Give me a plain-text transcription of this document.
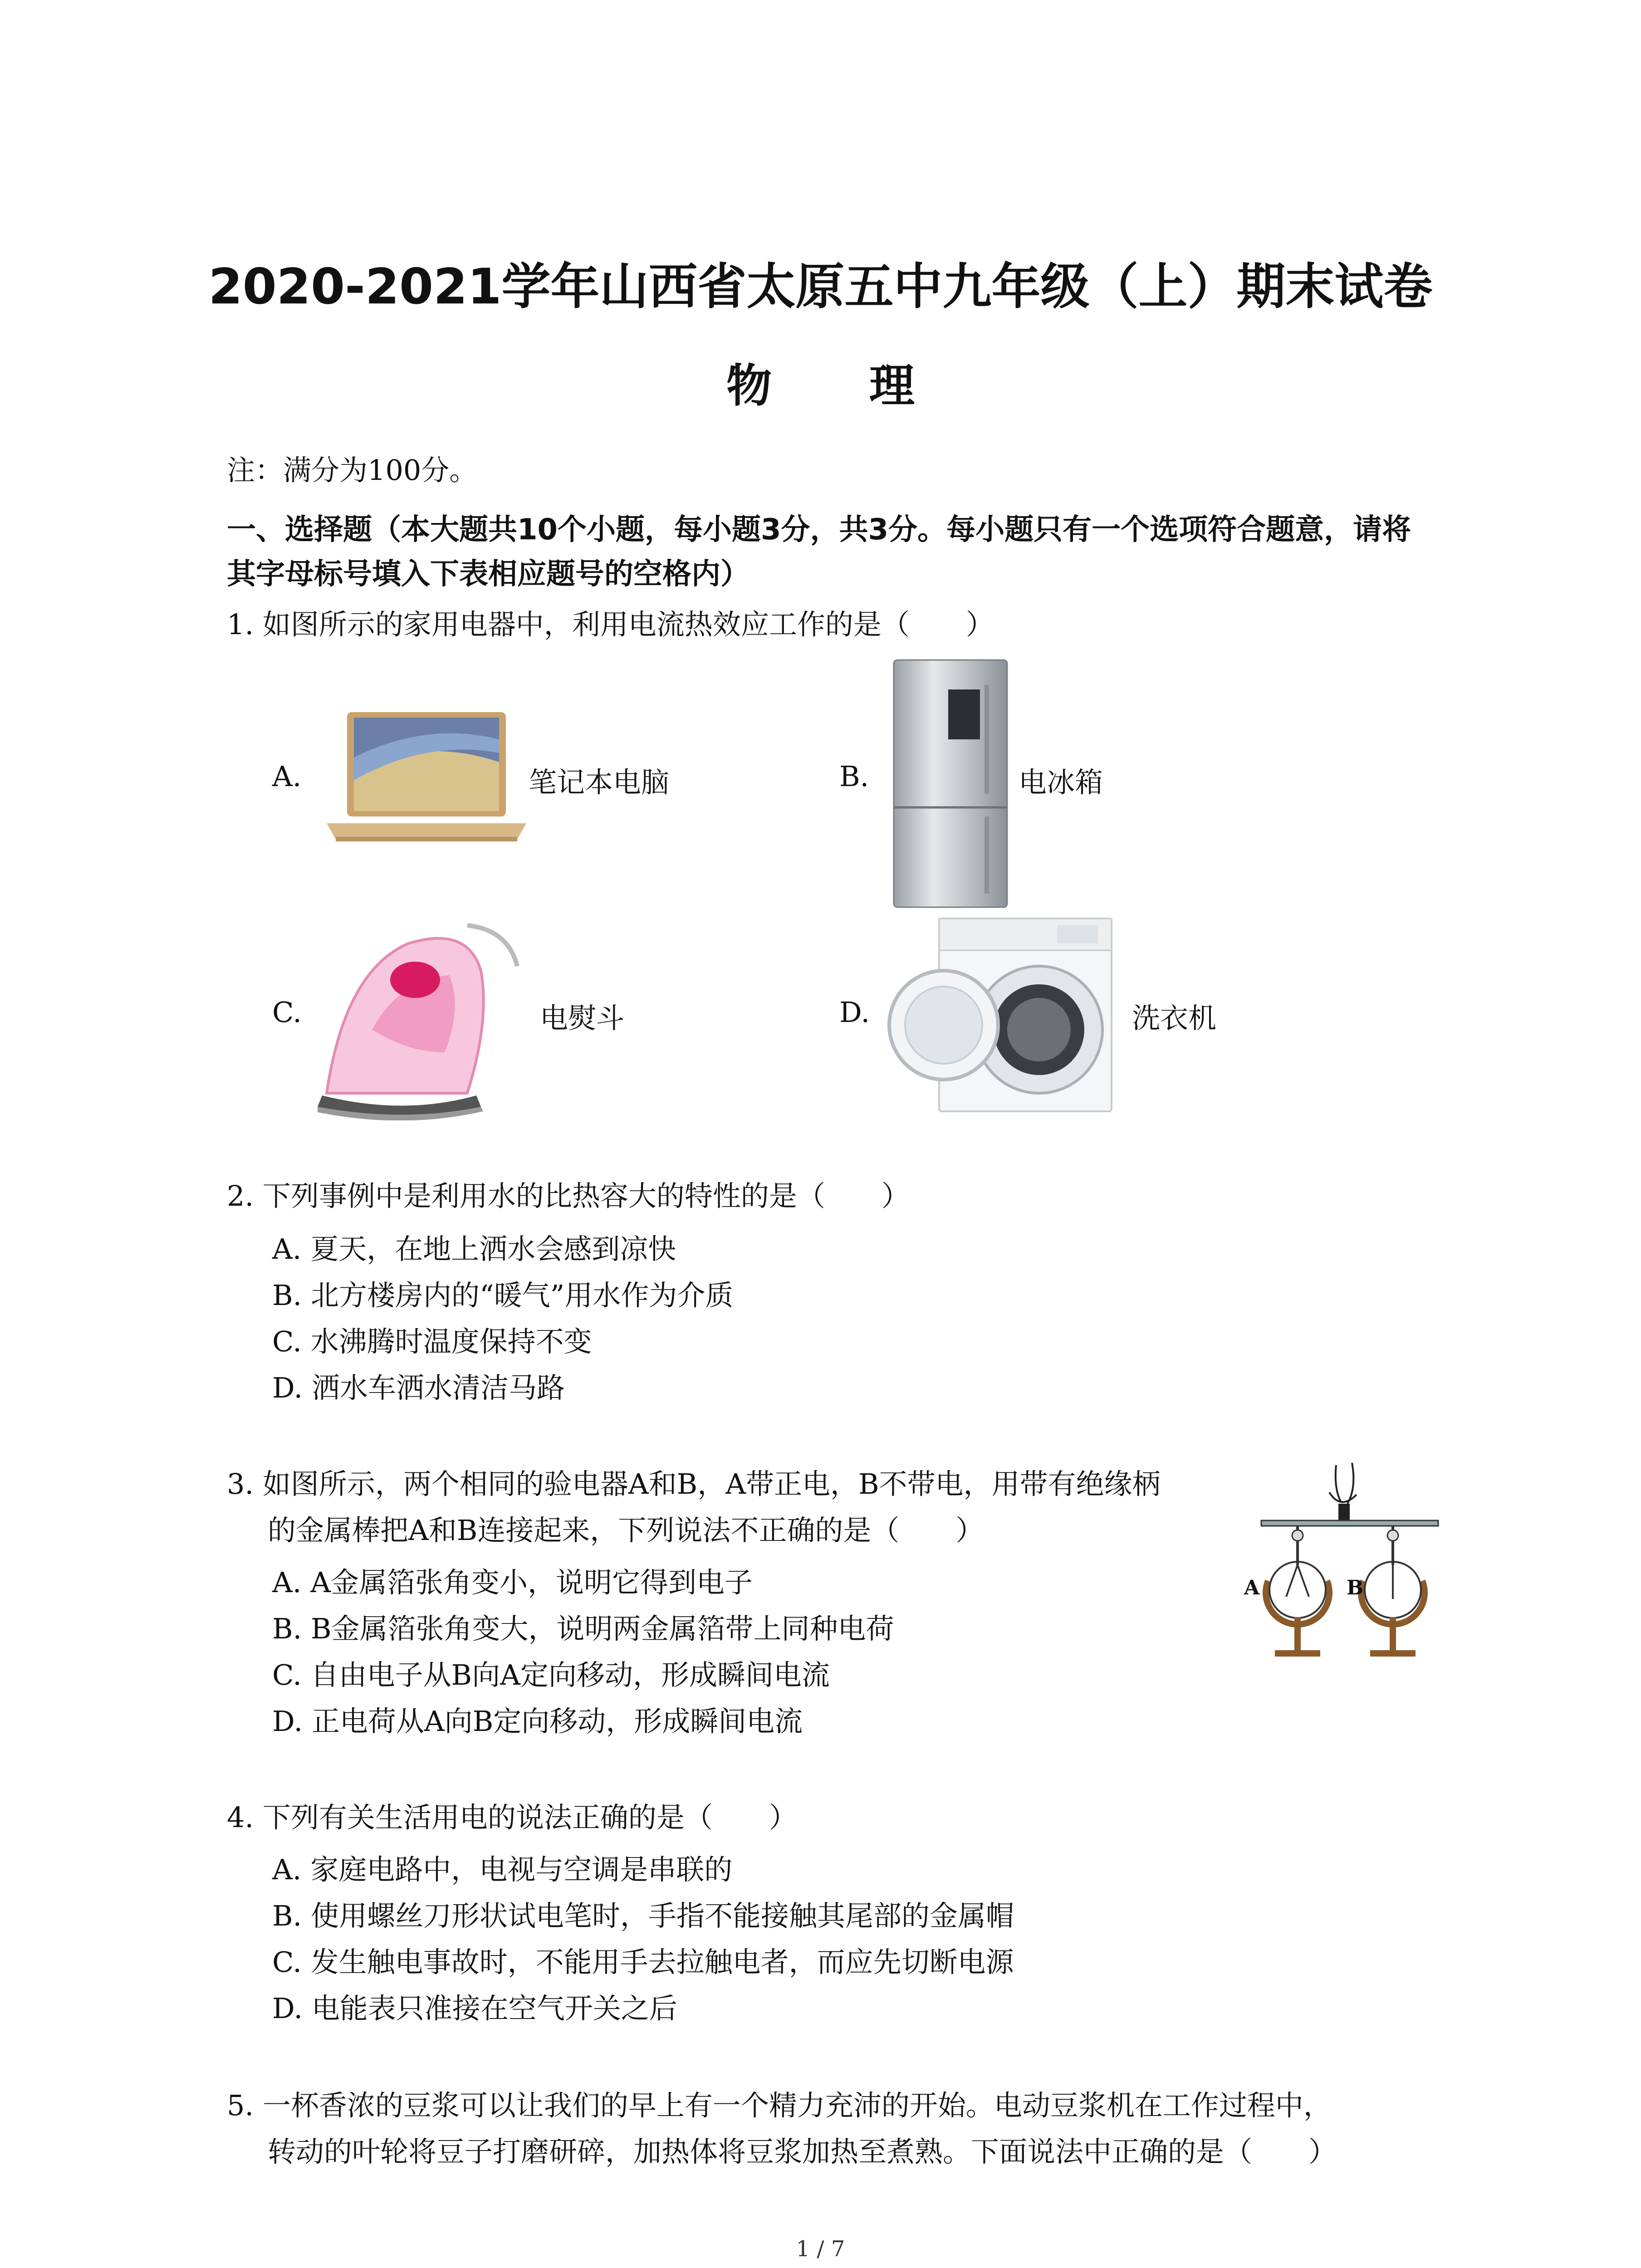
2020-2021学年山西省太原五中九年级（上）期末试卷
物 理
注：满分为100分。
一、选择题（本大题共10个小题，每小题3分，共3分。每小题只有一个选项符合题意，请将
其字母标号填入下表相应题号的空格内）
1. 如图所示的家用电器中，利用电流热效应工作的是（　　）
A.	笔记本电脑	B.	电冰箱
C.	电熨斗	D.	洗衣机
2. 下列事例中是利用水的比热容大的特性的是（　　）
A. 夏天，在地上洒水会感到凉快
B. 北方楼房内的“暖气”用水作为介质
C. 水沸腾时温度保持不变
D. 洒水车洒水清洁马路
3. 如图所示，两个相同的验电器A和B，A带正电，B不带电，用带有绝缘柄
的金属棒把A和B连接起来，下列说法不正确的是（　　）
A. A金属箔张角变小，说明它得到电子
B. B金属箔张角变大，说明两金属箔带上同种电荷
C. 自由电子从B向A定向移动，形成瞬间电流
D. 正电荷从A向B定向移动，形成瞬间电流
A	B
4. 下列有关生活用电的说法正确的是（　　）
A. 家庭电路中，电视与空调是串联的
B. 使用螺丝刀形状试电笔时，手指不能接触其尾部的金属帽
C. 发生触电事故时，不能用手去拉触电者，而应先切断电源
D. 电能表只准接在空气开关之后
5. 一杯香浓的豆浆可以让我们的早上有一个精力充沛的开始。电动豆浆机在工作过程中，
转动的叶轮将豆子打磨研碎，加热体将豆浆加热至煮熟。下面说法中正确的是（　　）
1 / 7
